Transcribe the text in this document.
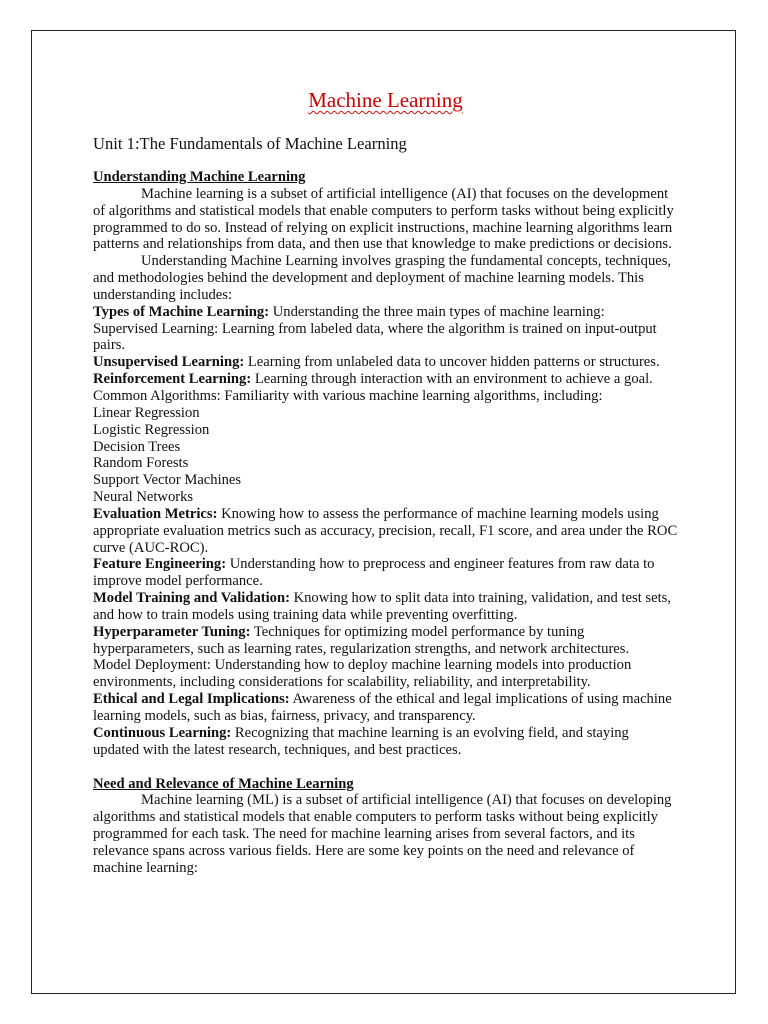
Machine Learning
Unit 1:The Fundamentals of Machine Learning
Understanding Machine Learning

Machine learning is a subset of artificial intelligence (AI) that focuses on the development of algorithms and statistical models that enable computers to perform tasks without being explicitly programmed to do so. Instead of relying on explicit instructions, machine learning algorithms learn patterns and relationships from data, and then use that knowledge to make predictions or decisions.

Understanding Machine Learning involves grasping the fundamental concepts, techniques, and methodologies behind the development and deployment of machine learning models. This understanding includes:

Types of Machine Learning: Understanding the three main types of machine learning:

Supervised Learning: Learning from labeled data, where the algorithm is trained on input-output pairs.

Unsupervised Learning: Learning from unlabeled data to uncover hidden patterns or structures.

Reinforcement Learning: Learning through interaction with an environment to achieve a goal.

Common Algorithms: Familiarity with various machine learning algorithms, including:

Linear Regression
Logistic Regression
Decision Trees
Random Forests
Support Vector Machines
Neural Networks

Evaluation Metrics: Knowing how to assess the performance of machine learning models using appropriate evaluation metrics such as accuracy, precision, recall, F1 score, and area under the ROC curve (AUC-ROC).

Feature Engineering: Understanding how to preprocess and engineer features from raw data to improve model performance.

Model Training and Validation: Knowing how to split data into training, validation, and test sets, and how to train models using training data while preventing overfitting.

Hyperparameter Tuning: Techniques for optimizing model performance by tuning hyperparameters, such as learning rates, regularization strengths, and network architectures.

Model Deployment: Understanding how to deploy machine learning models into production environments, including considerations for scalability, reliability, and interpretability.

Ethical and Legal Implications: Awareness of the ethical and legal implications of using machine learning models, such as bias, fairness, privacy, and transparency.

Continuous Learning: Recognizing that machine learning is an evolving field, and staying updated with the latest research, techniques, and best practices.

Need and Relevance of Machine Learning

Machine learning (ML) is a subset of artificial intelligence (AI) that focuses on developing algorithms and statistical models that enable computers to perform tasks without being explicitly programmed for each task. The need for machine learning arises from several factors, and its relevance spans across various fields. Here are some key points on the need and relevance of machine learning:
